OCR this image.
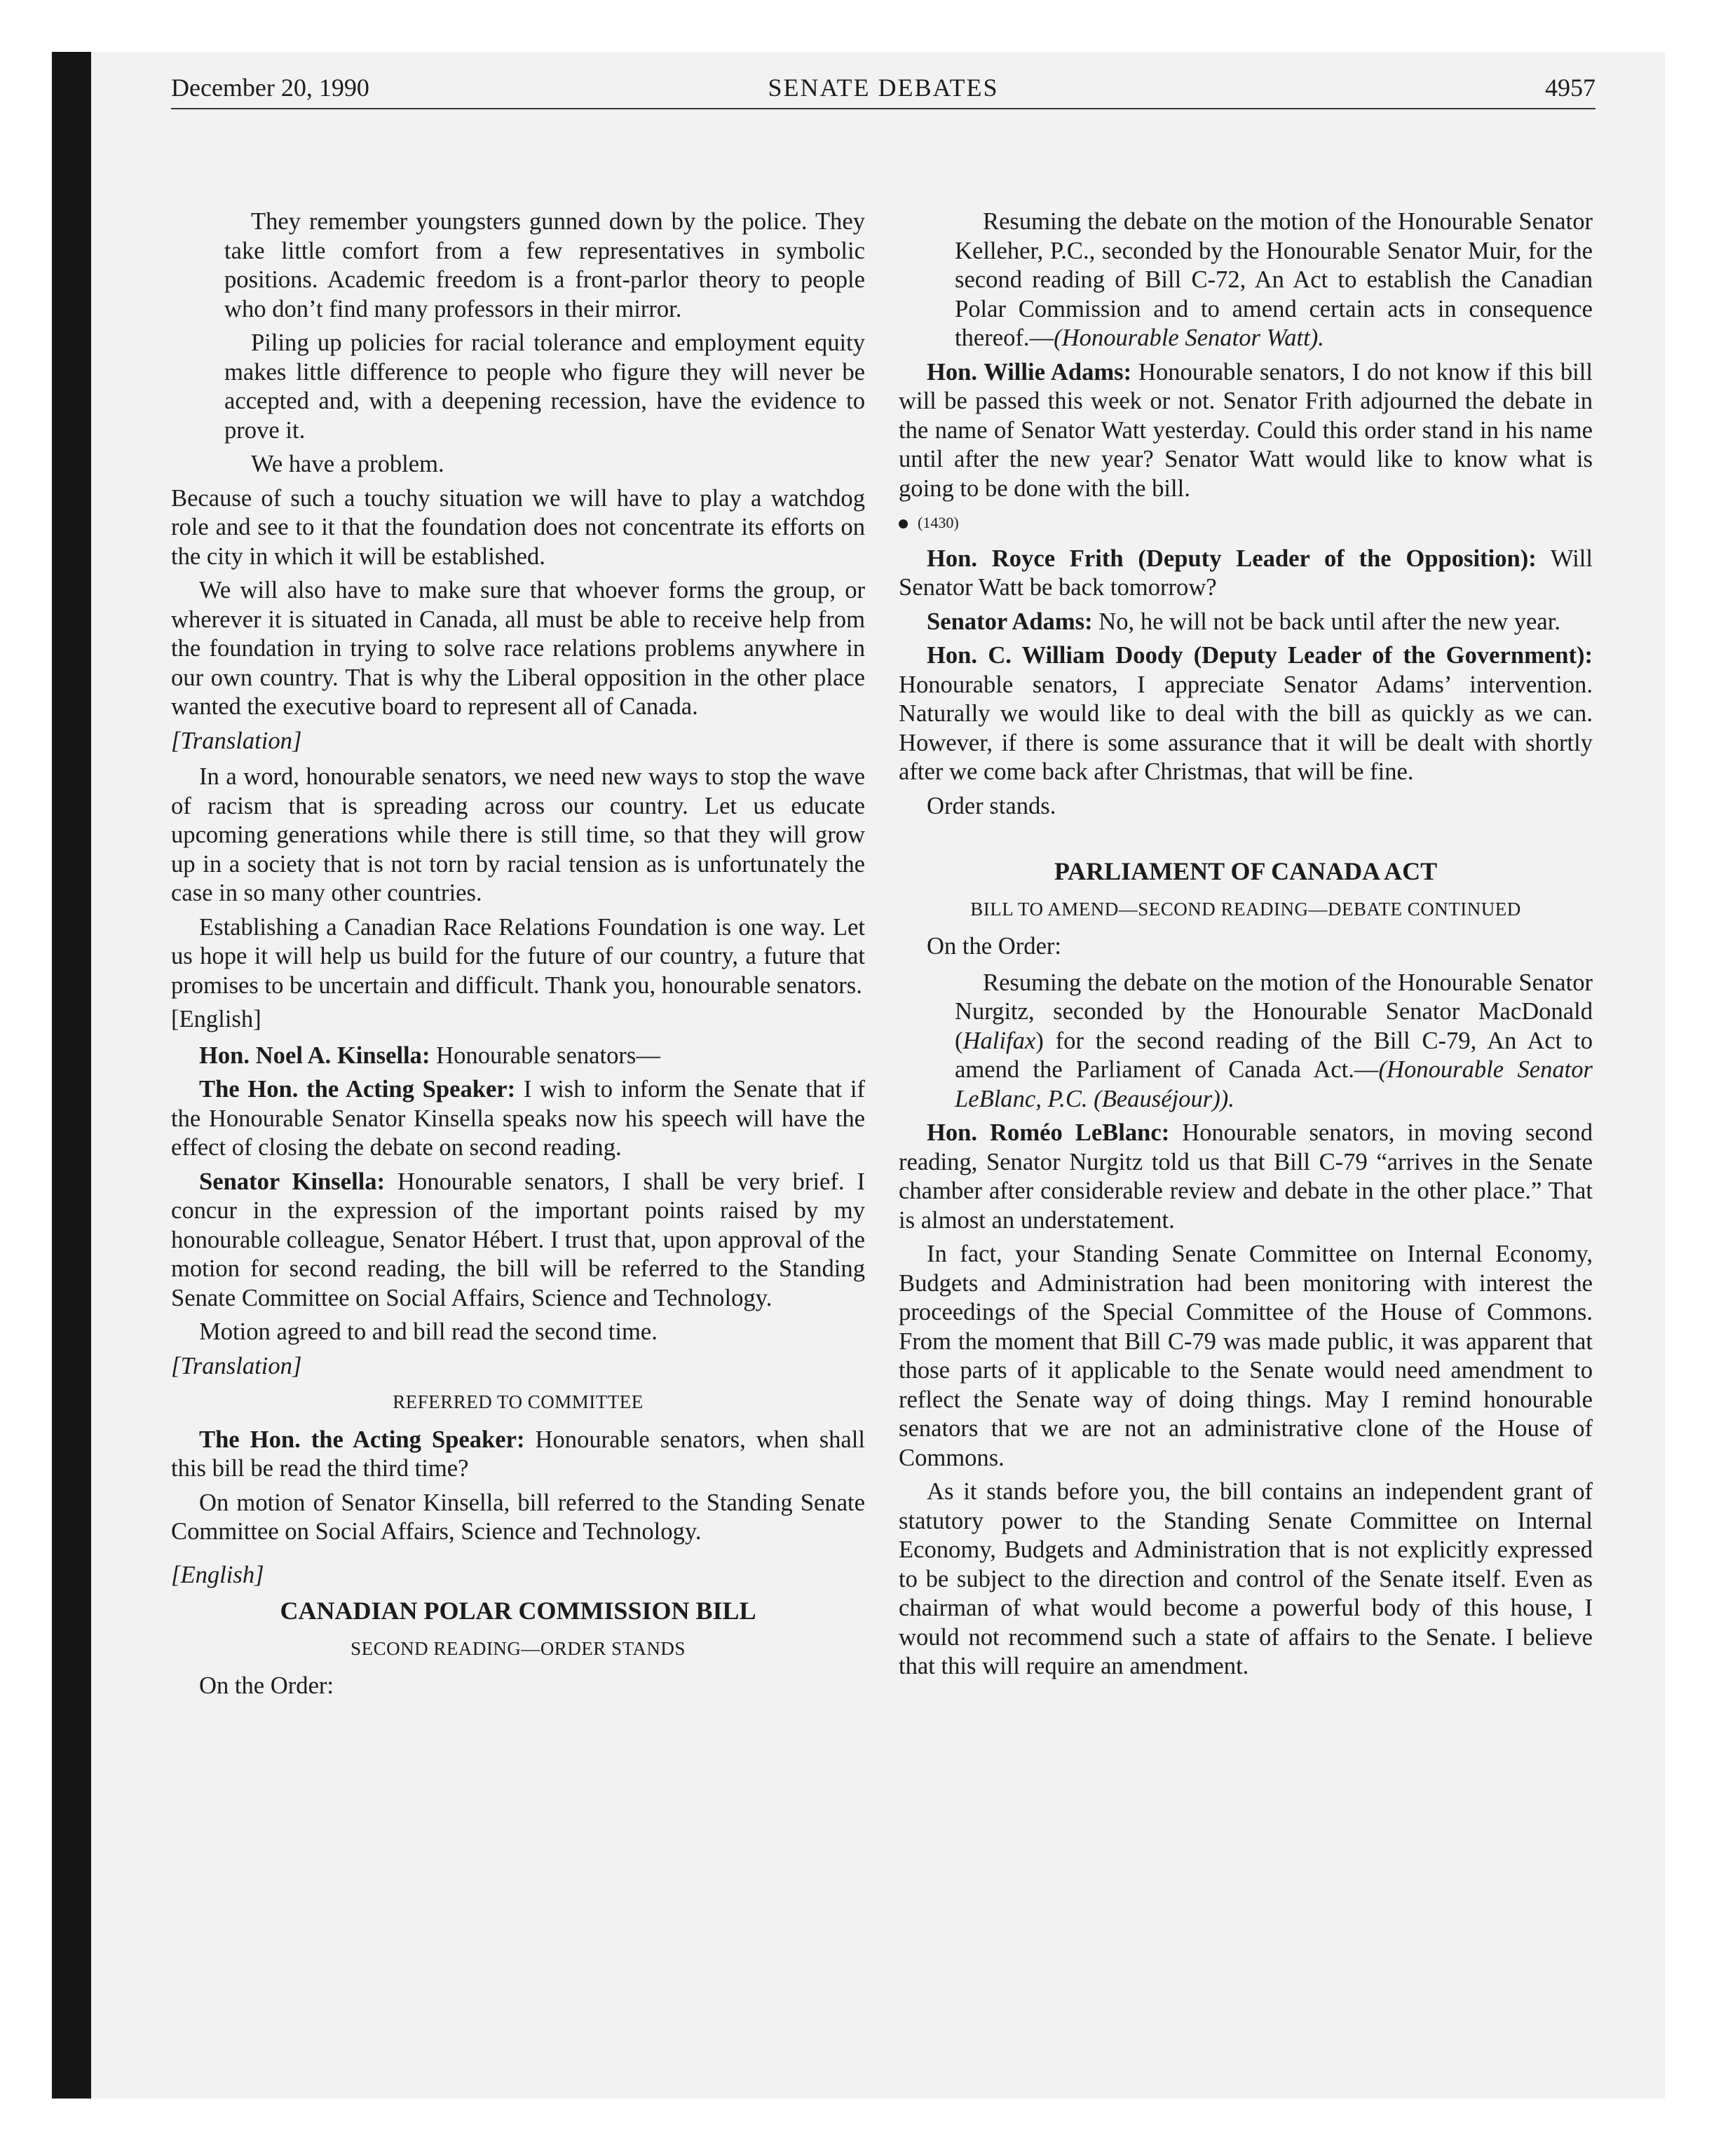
December 20, 1990	SENATE DEBATES	4957

They remember youngsters gunned down by the police. They take little comfort from a few representatives in symbolic positions. Academic freedom is a front-parlor theory to people who don’t find many professors in their mirror.

Piling up policies for racial tolerance and employment equity makes little difference to people who figure they will never be accepted and, with a deepening recession, have the evidence to prove it.

We have a problem.

Because of such a touchy situation we will have to play a watchdog role and see to it that the foundation does not concentrate its efforts on the city in which it will be established.

We will also have to make sure that whoever forms the group, or wherever it is situated in Canada, all must be able to receive help from the foundation in trying to solve race relations problems anywhere in our own country. That is why the Liberal opposition in the other place wanted the executive board to represent all of Canada.

[Translation]

In a word, honourable senators, we need new ways to stop the wave of racism that is spreading across our country. Let us educate upcoming generations while there is still time, so that they will grow up in a society that is not torn by racial tension as is unfortunately the case in so many other countries.

Establishing a Canadian Race Relations Foundation is one way. Let us hope it will help us build for the future of our country, a future that promises to be uncertain and difficult. Thank you, honourable senators.

[English]

Hon. Noel A. Kinsella: Honourable senators—

The Hon. the Acting Speaker: I wish to inform the Senate that if the Honourable Senator Kinsella speaks now his speech will have the effect of closing the debate on second reading.

Senator Kinsella: Honourable senators, I shall be very brief. I concur in the expression of the important points raised by my honourable colleague, Senator Hébert. I trust that, upon approval of the motion for second reading, the bill will be referred to the Standing Senate Committee on Social Affairs, Science and Technology.

Motion agreed to and bill read the second time.

[Translation]

REFERRED TO COMMITTEE

The Hon. the Acting Speaker: Honourable senators, when shall this bill be read the third time?

On motion of Senator Kinsella, bill referred to the Standing Senate Committee on Social Affairs, Science and Technology.

[English]

CANADIAN POLAR COMMISSION BILL

SECOND READING—ORDER STANDS

On the Order:

Resuming the debate on the motion of the Honourable Senator Kelleher, P.C., seconded by the Honourable Senator Muir, for the second reading of Bill C-72, An Act to establish the Canadian Polar Commission and to amend certain acts in consequence thereof.—(Honourable Senator Watt).

Hon. Willie Adams: Honourable senators, I do not know if this bill will be passed this week or not. Senator Frith adjourned the debate in the name of Senator Watt yesterday. Could this order stand in his name until after the new year? Senator Watt would like to know what is going to be done with the bill.

(1430)

Hon. Royce Frith (Deputy Leader of the Opposition): Will Senator Watt be back tomorrow?

Senator Adams: No, he will not be back until after the new year.

Hon. C. William Doody (Deputy Leader of the Government): Honourable senators, I appreciate Senator Adams’ intervention. Naturally we would like to deal with the bill as quickly as we can. However, if there is some assurance that it will be dealt with shortly after we come back after Christmas, that will be fine.

Order stands.

PARLIAMENT OF CANADA ACT

BILL TO AMEND—SECOND READING—DEBATE CONTINUED

On the Order:

Resuming the debate on the motion of the Honourable Senator Nurgitz, seconded by the Honourable Senator MacDonald (Halifax) for the second reading of the Bill C-79, An Act to amend the Parliament of Canada Act.—(Honourable Senator LeBlanc, P.C. (Beauséjour)).

Hon. Roméo LeBlanc: Honourable senators, in moving second reading, Senator Nurgitz told us that Bill C-79 “arrives in the Senate chamber after considerable review and debate in the other place.” That is almost an understatement.

In fact, your Standing Senate Committee on Internal Economy, Budgets and Administration had been monitoring with interest the proceedings of the Special Committee of the House of Commons. From the moment that Bill C-79 was made public, it was apparent that those parts of it applicable to the Senate would need amendment to reflect the Senate way of doing things. May I remind honourable senators that we are not an administrative clone of the House of Commons.

As it stands before you, the bill contains an independent grant of statutory power to the Standing Senate Committee on Internal Economy, Budgets and Administration that is not explicitly expressed to be subject to the direction and control of the Senate itself. Even as chairman of what would become a powerful body of this house, I would not recommend such a state of affairs to the Senate. I believe that this will require an amendment.
